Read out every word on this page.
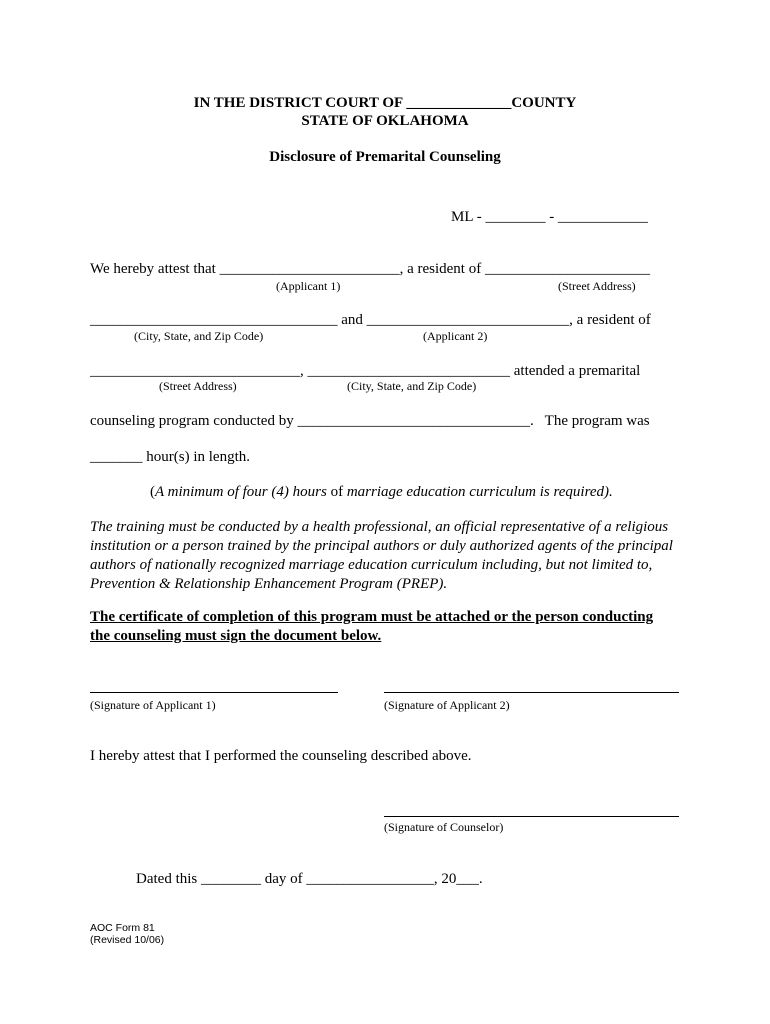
IN THE DISTRICT COURT OF ______________COUNTY
STATE OF OKLAHOMA
Disclosure of Premarital Counseling
ML - ________ - ____________
We hereby attest that ________________________, a resident of ______________________
(Applicant 1)	(Street Address)
_________________________________ and ___________________________, a resident of
(City, State, and Zip Code)	(Applicant 2)
____________________________, ___________________________ attended a premarital
(Street Address)	(City, State, and Zip Code)
counseling program conducted by _______________________________.   The program was
_______ hour(s) in length.
(A minimum of four (4) hours of marriage education curriculum is required).
The training must be conducted by a health professional, an official representative of a religious
institution or a person trained by the principal authors or duly authorized agents of the principal
authors of nationally recognized marriage education curriculum including, but not limited to,
Prevention & Relationship Enhancement Program (PREP).
The certificate of completion of this program must be attached or the person conducting
the counseling must sign the document below.
(Signature of Applicant 1)	(Signature of Applicant 2)
I hereby attest that I performed the counseling described above.
(Signature of Counselor)
Dated this ________ day of _________________, 20___.
AOC Form 81
(Revised 10/06)
